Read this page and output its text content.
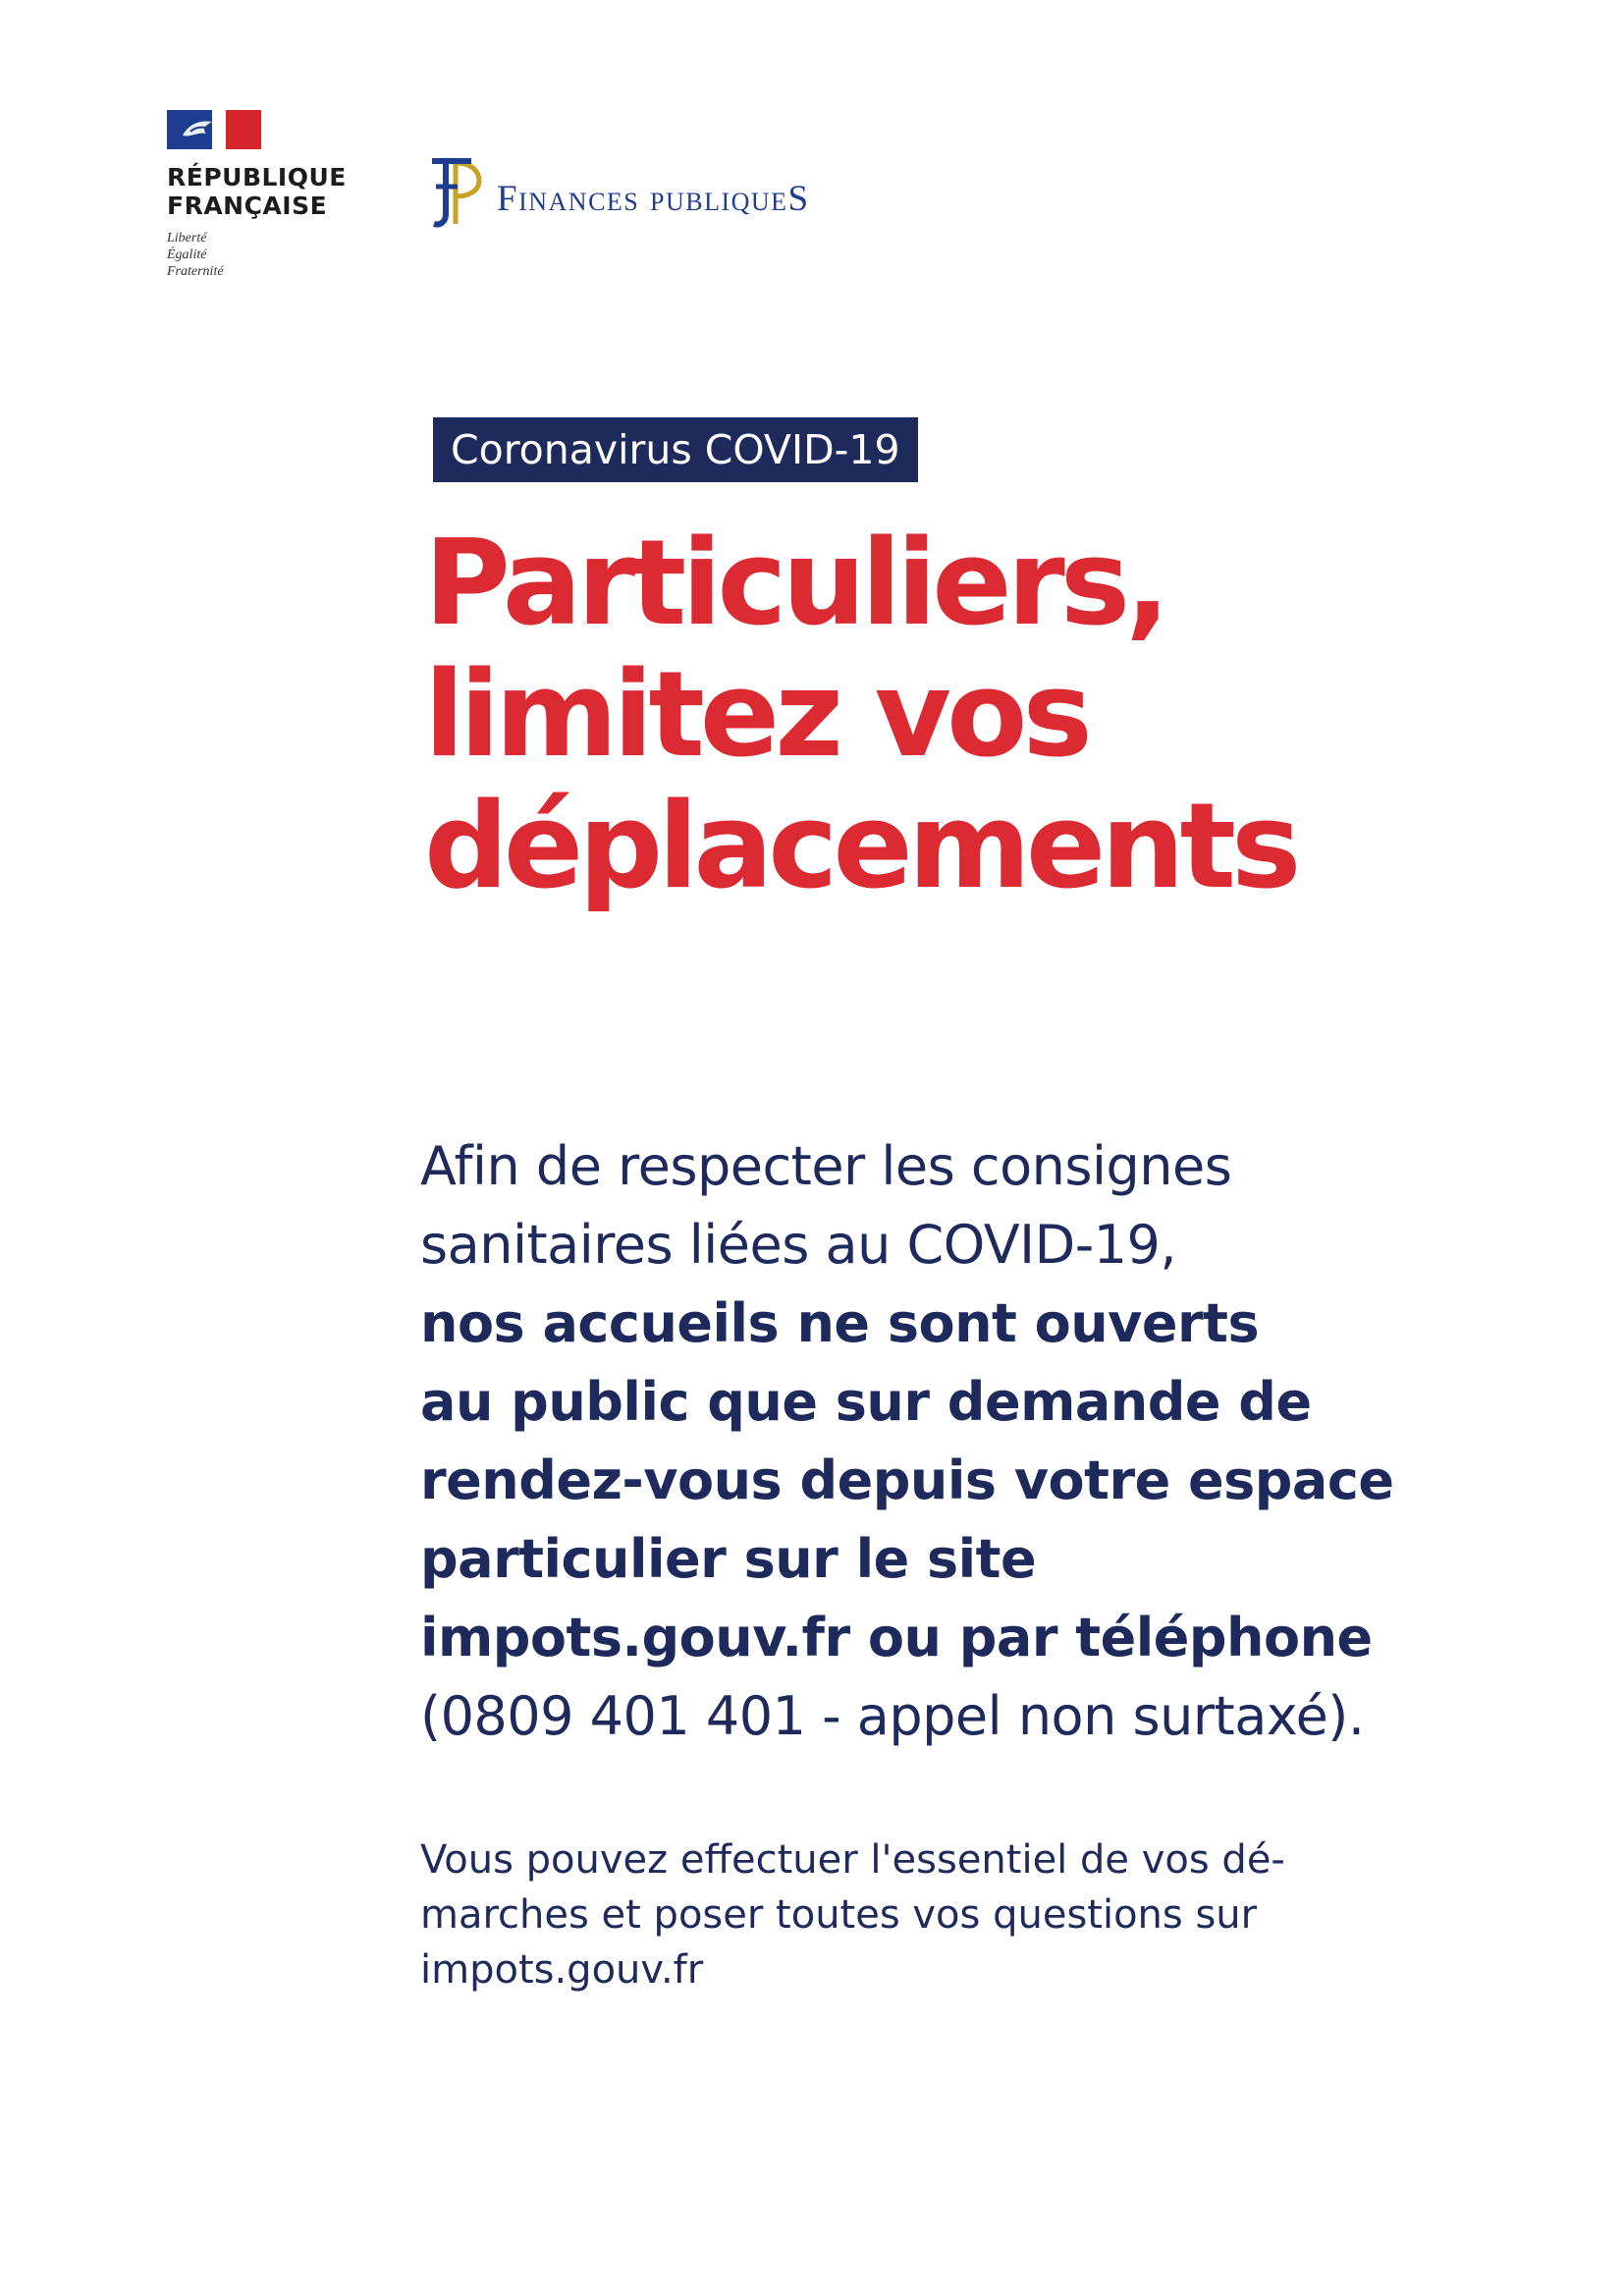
RÉPUBLIQUE
FRANÇAISE
Liberté
Égalité
Fraternité
Finances publiqueS
Coronavirus COVID-19
Particuliers,
limitez vos
déplacements

Afin de respecter les consignes
sanitaires liées au COVID-19,
nos accueils ne sont ouverts
au public que sur demande de
rendez-vous depuis votre espace
particulier sur le site
impots.gouv.fr ou par téléphone
(0809 401 401 - appel non surtaxé).

Vous pouvez effectuer l'essentiel de vos dé-
marches et poser toutes vos questions sur
impots.gouv.fr
